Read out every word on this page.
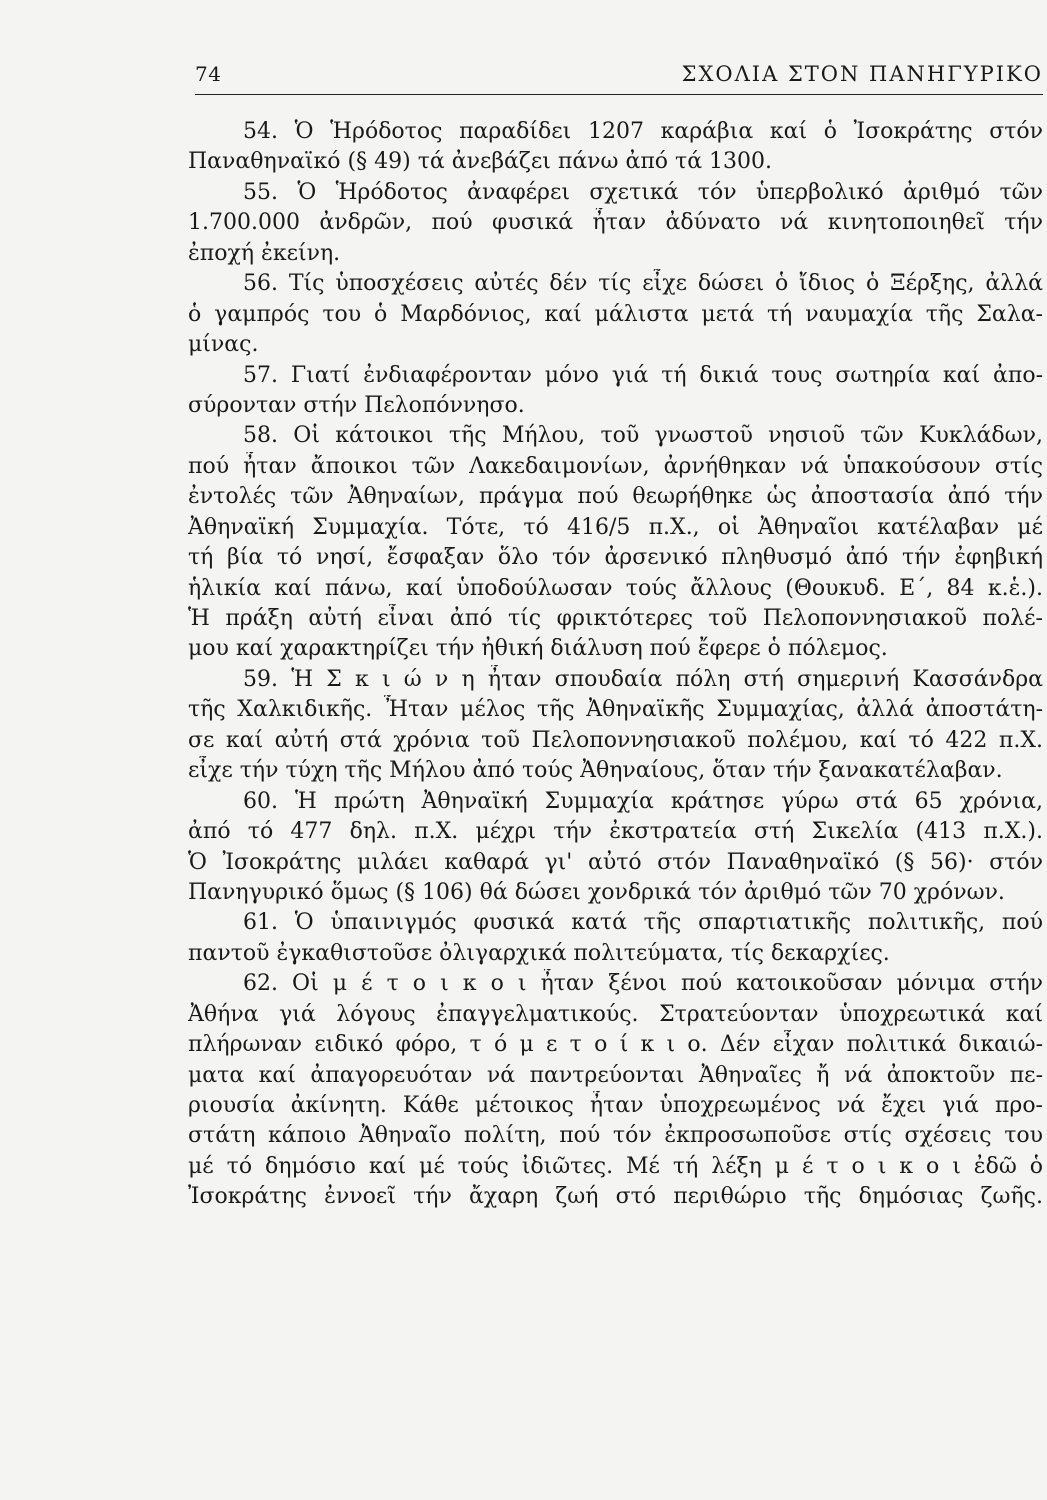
74	ΣΧΟΛΙΑ ΣΤΟΝ ΠΑΝΗΓΥΡΙΚΟ
54. Ὁ Ἡρόδοτος παραδίδει 1207 καράβια καί ὁ Ἰσοκράτης στόν
Παναθηναϊκό (§ 49) τά ἀνεβάζει πάνω ἀπό τά 1300.
55. Ὁ Ἡρόδοτος ἀναφέρει σχετικά τόν ὑπερβολικό ἀριθμό τῶν
1.700.000 ἀνδρῶν, πού φυσικά ἦταν ἀδύνατο νά κινητοποιηθεῖ τήν
ἐποχή ἐκείνη.
56. Τίς ὑποσχέσεις αὐτές δέν τίς εἶχε δώσει ὁ ἴδιος ὁ Ξέρξης, ἀλλά
ὁ γαμπρός του ὁ Μαρδόνιος, καί μάλιστα μετά τή ναυμαχία τῆς Σαλα-
μίνας.
57. Γιατί ἐνδιαφέρονταν μόνο γιά τή δικιά τους σωτηρία καί ἀπο-
σύρονταν στήν Πελοπόννησο.
58. Οἱ κάτοικοι τῆς Μήλου, τοῦ γνωστοῦ νησιοῦ τῶν Κυκλάδων,
πού ἦταν ἄποικοι τῶν Λακεδαιμονίων, ἀρνήθηκαν νά ὑπακούσουν στίς
ἐντολές τῶν Ἀθηναίων, πράγμα πού θεωρήθηκε ὡς ἀποστασία ἀπό τήν
Ἀθηναϊκή Συμμαχία. Τότε, τό 416/5 π.Χ., οἱ Ἀθηναῖοι κατέλαβαν μέ
τή βία τό νησί, ἔσφαξαν ὅλο τόν ἀρσενικό πληθυσμό ἀπό τήν ἐφηβική
ἡλικία καί πάνω, καί ὑποδούλωσαν τούς ἄλλους (Θουκυδ. Ε΄, 84 κ.ἑ.).
Ἡ πράξη αὐτή εἶναι ἀπό τίς φρικτότερες τοῦ Πελοποννησιακοῦ πολέ-
μου καί χαρακτηρίζει τήν ἠθική διάλυση πού ἔφερε ὁ πόλεμος.
59. Ἡ Σ κ ι ώ ν η ἦταν σπουδαία πόλη στή σημερινή Κασσάνδρα
τῆς Χαλκιδικῆς. Ἦταν μέλος τῆς Ἀθηναϊκῆς Συμμαχίας, ἀλλά ἀποστάτη-
σε καί αὐτή στά χρόνια τοῦ Πελοποννησιακοῦ πολέμου, καί τό 422 π.Χ.
εἶχε τήν τύχη τῆς Μήλου ἀπό τούς Ἀθηναίους, ὅταν τήν ξανακατέλαβαν.
60. Ἡ πρώτη Ἀθηναϊκή Συμμαχία κράτησε γύρω στά 65 χρόνια,
ἀπό τό 477 δηλ. π.Χ. μέχρι τήν ἐκστρατεία στή Σικελία (413 π.Χ.).
Ὁ Ἰσοκράτης μιλάει καθαρά γι' αὐτό στόν Παναθηναϊκό (§ 56)· στόν
Πανηγυρικό ὅμως (§ 106) θά δώσει χονδρικά τόν ἀριθμό τῶν 70 χρόνων.
61. Ὁ ὑπαινιγμός φυσικά κατά τῆς σπαρτιατικῆς πολιτικῆς, πού
παντοῦ ἐγκαθιστοῦσε ὀλιγαρχικά πολιτεύματα, τίς δεκαρχίες.
62. Οἱ μ έ τ ο ι κ ο ι ἦταν ξένοι πού κατοικοῦσαν μόνιμα στήν
Ἀθήνα γιά λόγους ἐπαγγελματικούς. Στρατεύονταν ὑποχρεωτικά καί
πλήρωναν ειδικό φόρο, τ ό μ ε τ ο ί κ ι ο. Δέν εἶχαν πολιτικά δικαιώ-
ματα καί ἀπαγορευόταν νά παντρεύονται Ἀθηναῖες ἤ νά ἀποκτοῦν πε-
ριουσία ἀκίνητη. Κάθε μέτοικος ἦταν ὑποχρεωμένος νά ἔχει γιά προ-
στάτη κάποιο Ἀθηναῖο πολίτη, πού τόν ἐκπροσωποῦσε στίς σχέσεις του
μέ τό δημόσιο καί μέ τούς ἰδιῶτες. Μέ τή λέξη μ έ τ ο ι κ ο ι ἐδῶ ὁ
Ἰσοκράτης ἐννοεῖ τήν ἄχαρη ζωή στό περιθώριο τῆς δημόσιας ζωῆς.
